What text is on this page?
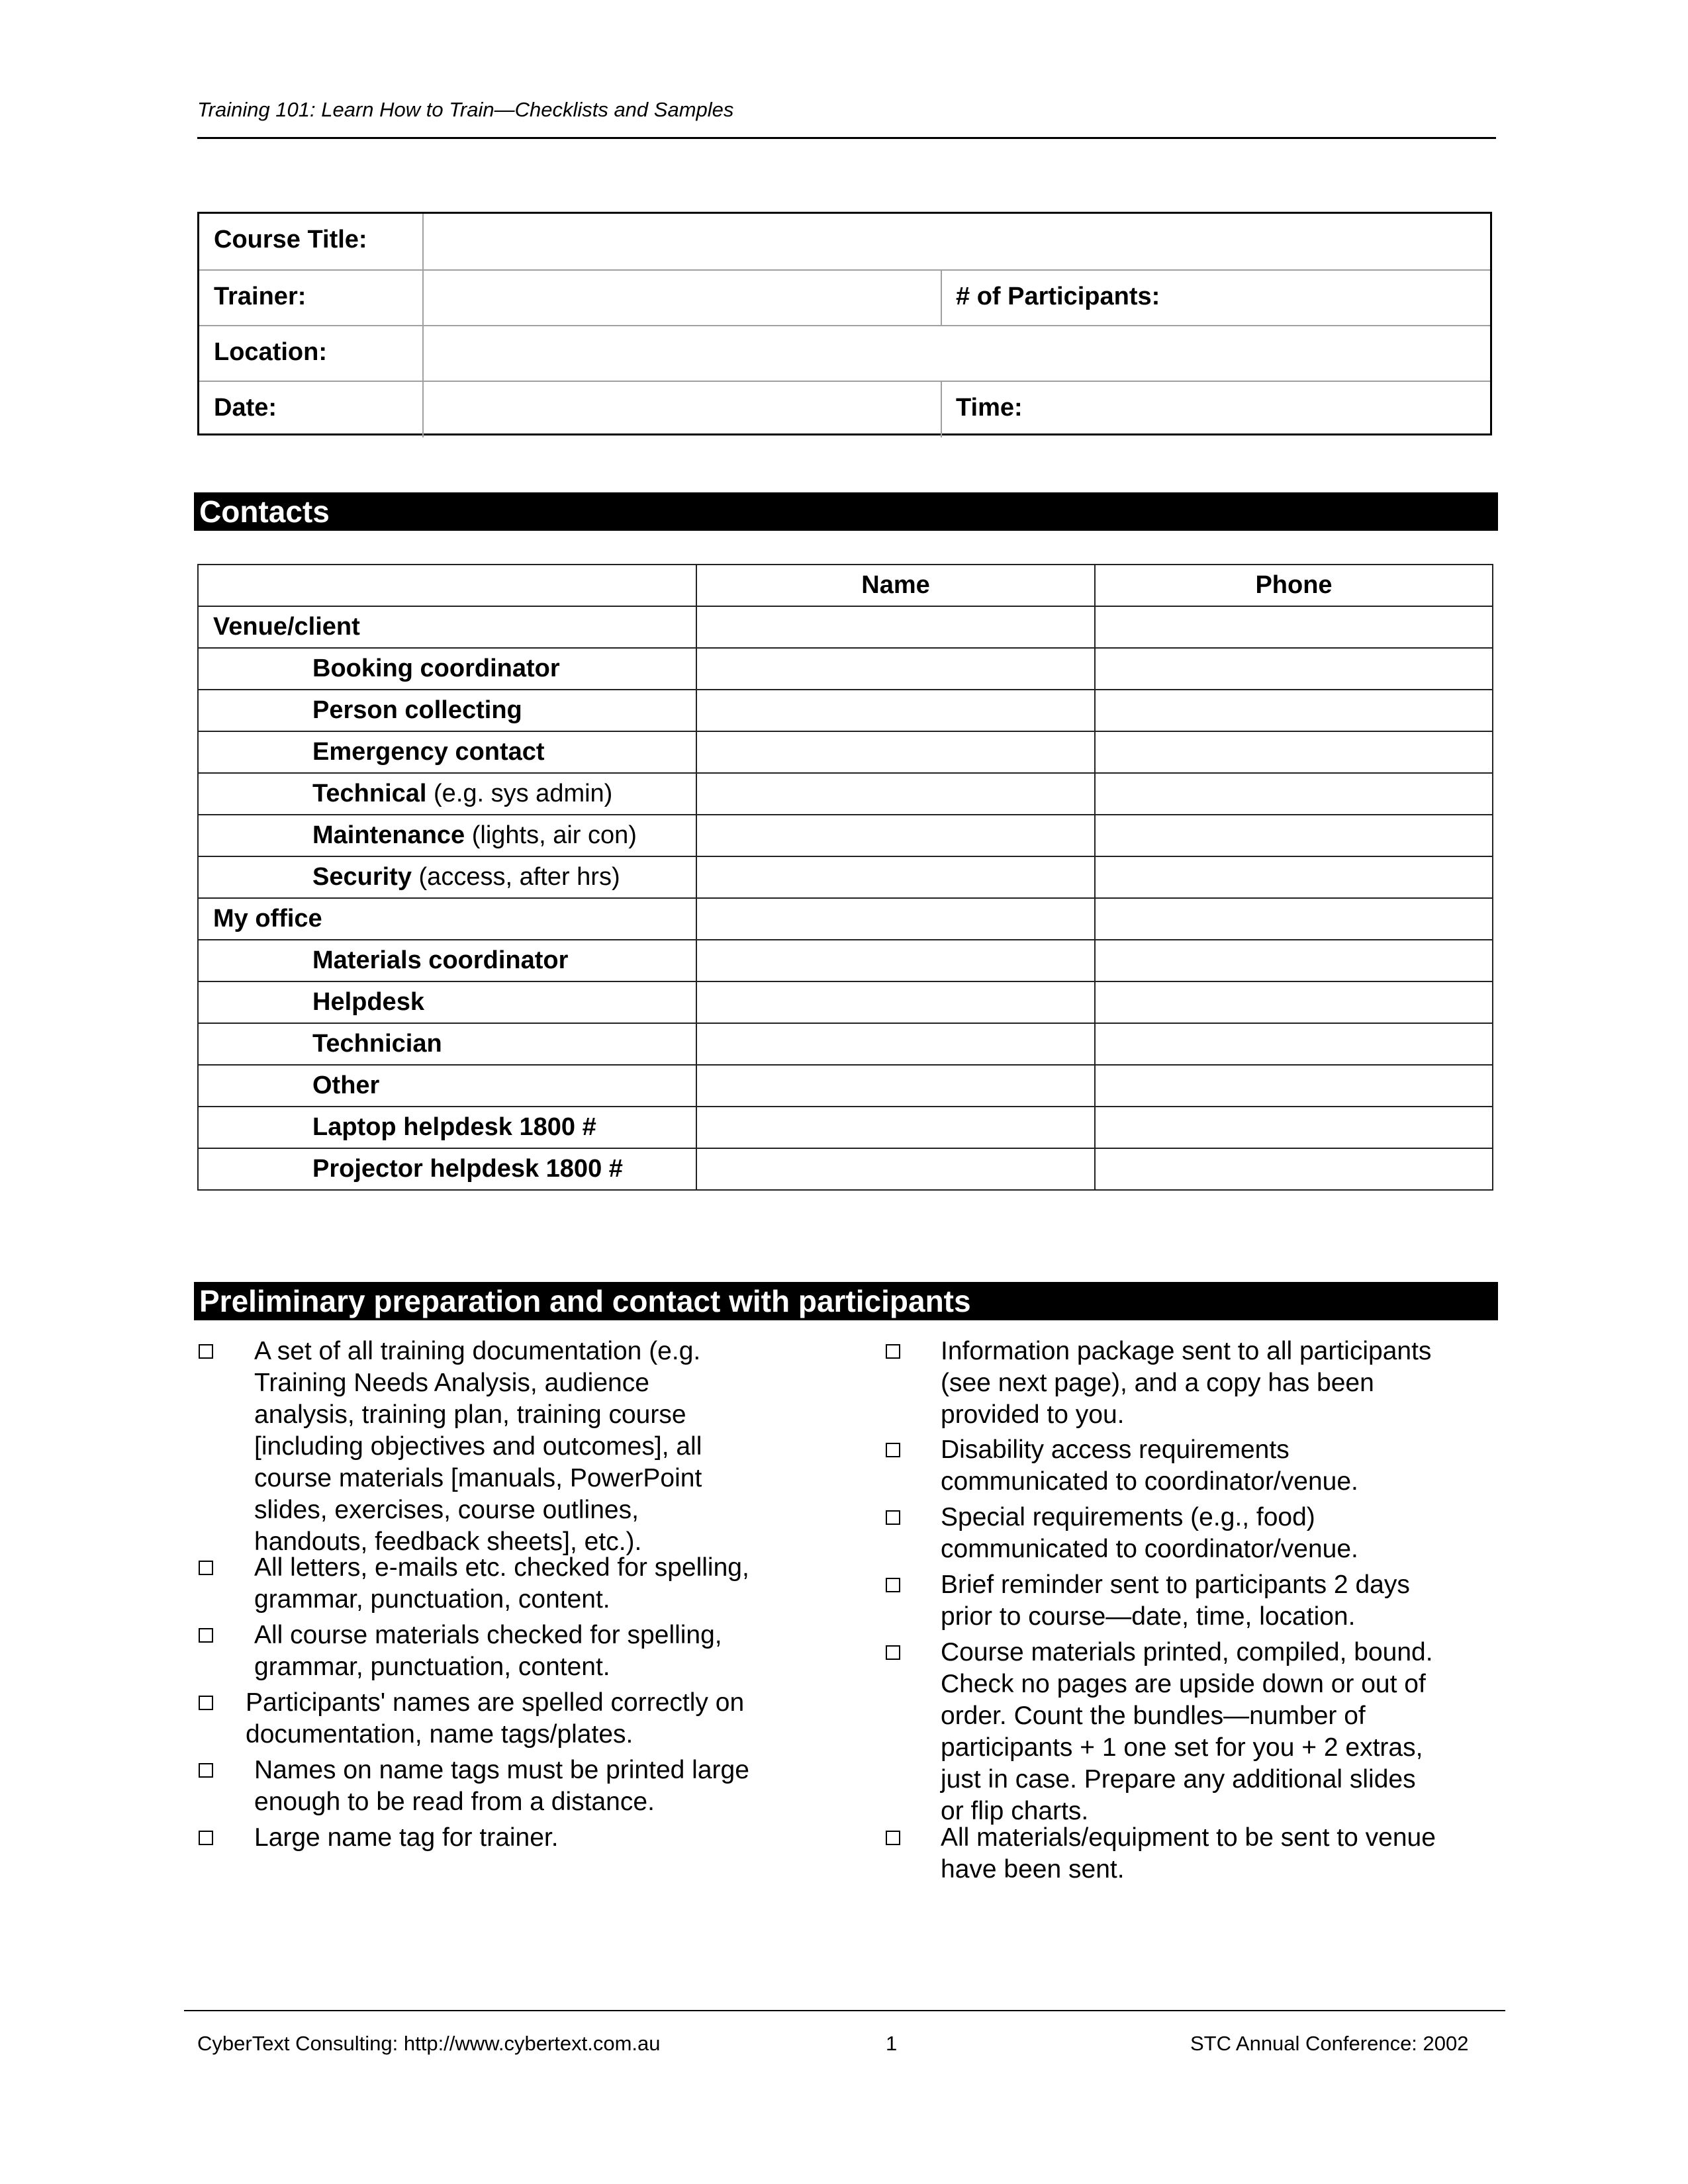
Training 101: Learn How to Train—Checklists and Samples
Course Title:
Trainer:	# of Participants:
Location:
Date:	Time:
Contacts
	Name	Phone
Venue/client		
Booking coordinator		
Person collecting		
Emergency contact		
Technical (e.g. sys admin)		
Maintenance (lights, air con)		
Security (access, after hrs)		
My office		
Materials coordinator		
Helpdesk		
Technician		
Other		
Laptop helpdesk 1800 #		
Projector helpdesk 1800 #		
Preliminary preparation and contact with participants
A set of all training documentation (e.g.
Training Needs Analysis, audience
analysis, training plan, training course
[including objectives and outcomes], all
course materials [manuals, PowerPoint
slides, exercises, course outlines,
handouts, feedback sheets], etc.).
All letters, e-mails etc. checked for spelling,
grammar, punctuation, content.
All course materials checked for spelling,
grammar, punctuation, content.
Participants' names are spelled correctly on
documentation, name tags/plates.
Names on name tags must be printed large
enough to be read from a distance.
Large name tag for trainer.
Information package sent to all participants
(see next page), and a copy has been
provided to you.
Disability access requirements
communicated to coordinator/venue.
Special requirements (e.g., food)
communicated to coordinator/venue.
Brief reminder sent to participants 2 days
prior to course—date, time, location.
Course materials printed, compiled, bound.
Check no pages are upside down or out of
order. Count the bundles—number of
participants + 1 one set for you + 2 extras,
just in case. Prepare any additional slides
or flip charts.
All materials/equipment to be sent to venue
have been sent.
CyberText Consulting: http://www.cybertext.com.au	1	STC Annual Conference: 2002
